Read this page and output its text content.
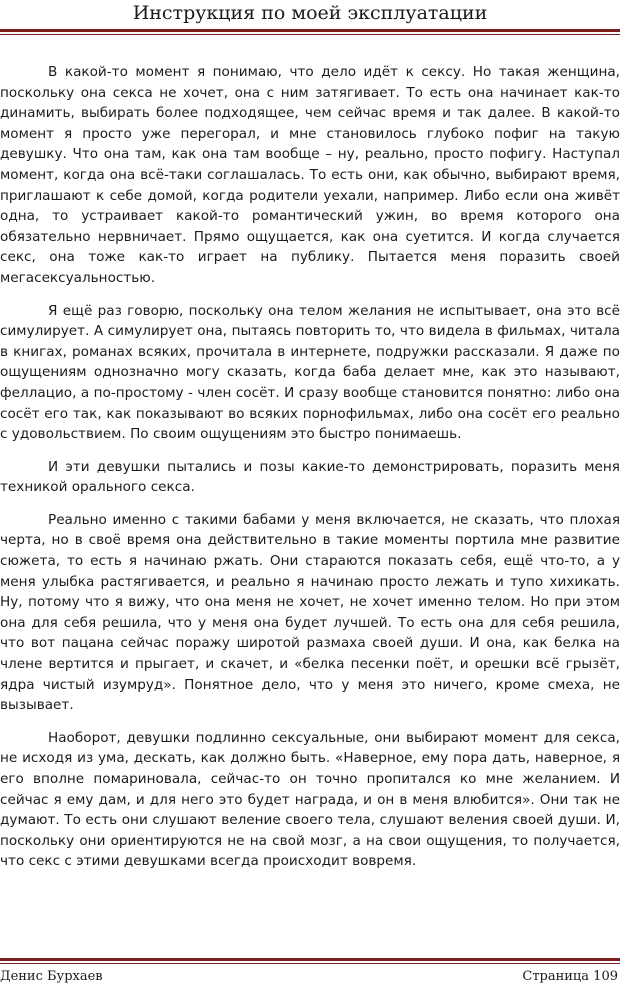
Инструкция по моей эксплуатации

В какой-то момент я понимаю, что дело идёт к сексу. Но такая женщина, поскольку она секса не хочет, она с ним затягивает. То есть она начинает как-то динамить, выбирать более подходящее, чем сейчас время и так далее. В какой-то момент я просто уже перегорал, и мне становилось глубоко пофиг на такую девушку. Что она там, как она там вообще – ну, реально, просто пофигу. Наступал момент, когда она всё-таки соглашалась. То есть они, как обычно, выбирают время, приглашают к себе домой, когда родители уехали, например. Либо если она живёт одна, то устраивает какой-то романтический ужин, во время которого она обязательно нервничает. Прямо ощущается, как она суетится. И когда случается секс, она тоже как-то играет на публику. Пытается меня поразить своей мегасексуальностью.

Я ещё раз говорю, поскольку она телом желания не испытывает, она это всё симулирует. А симулирует она, пытаясь повторить то, что видела в фильмах, читала в книгах, романах всяких, прочитала в интернете, подружки рассказали. Я даже по ощущениям однозначно могу сказать, когда баба делает мне, как это называют, феллацио, а по-простому - член сосёт. И сразу вообще становится понятно: либо она сосёт его так, как показывают во всяких порнофильмах, либо она сосёт его реально с удовольствием. По своим ощущениям это быстро понимаешь.

И эти девушки пытались и позы какие-то демонстрировать, поразить меня техникой орального секса.

Реально именно с такими бабами у меня включается, не сказать, что плохая черта, но в своё время она действительно в такие моменты портила мне развитие сюжета, то есть я начинаю ржать. Они стараются показать себя, ещё что-то, а у меня улыбка растягивается, и реально я начинаю просто лежать и тупо хихикать. Ну, потому что я вижу, что она меня не хочет, не хочет именно телом. Но при этом она для себя решила, что у меня она будет лучшей. То есть она для себя решила, что вот пацана сейчас поражу широтой размаха своей души. И она, как белка на члене вертится и прыгает, и скачет, и «белка песенки поёт, и орешки всё грызёт, ядра чистый изумруд». Понятное дело, что у меня это ничего, кроме смеха, не вызывает.

Наоборот, девушки подлинно сексуальные, они выбирают момент для секса, не исходя из ума, дескать, как должно быть. «Наверное, ему пора дать, наверное, я его вполне помариновала, сейчас-то он точно пропитался ко мне желанием. И сейчас я ему дам, и для него это будет награда, и он в меня влюбится». Они так не думают. То есть они слушают веление своего тела, слушают веления своей души. И, поскольку они ориентируются не на свой мозг, а на свои ощущения, то получается, что секс с этими девушками всегда происходит вовремя.

Денис Бурхаев	Страница 109
